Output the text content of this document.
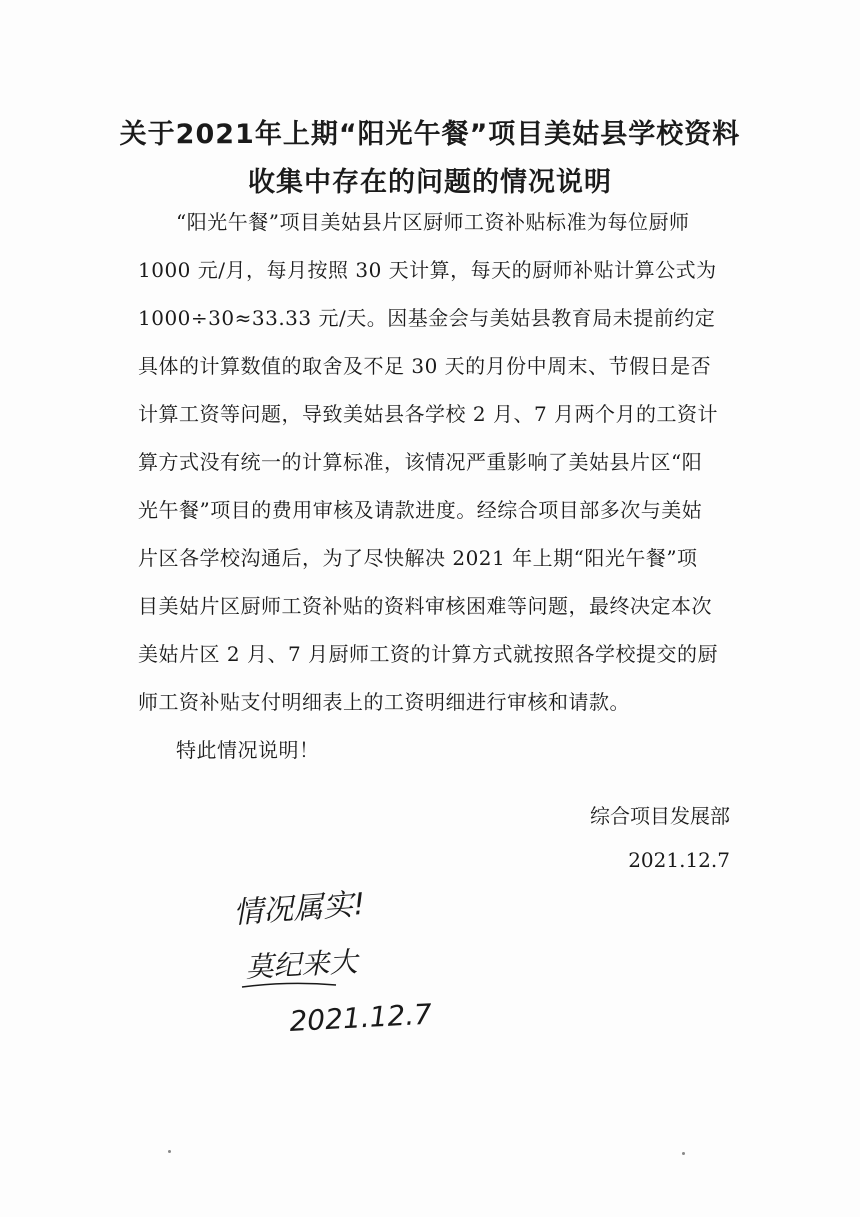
关于2021年上期“阳光午餐”项目美姑县学校资料
收集中存在的问题的情况说明

“阳光午餐”项目美姑县片区厨师工资补贴标准为每位厨师

1000 元/月，每月按照 30 天计算，每天的厨师补贴计算公式为

1000÷30≈33.33 元/天。因基金会与美姑县教育局未提前约定

具体的计算数值的取舍及不足 30 天的月份中周末、节假日是否

计算工资等问题，导致美姑县各学校 2 月、7 月两个月的工资计

算方式没有统一的计算标准，该情况严重影响了美姑县片区“阳

光午餐”项目的费用审核及请款进度。经综合项目部多次与美姑

片区各学校沟通后，为了尽快解决 2021 年上期“阳光午餐”项

目美姑片区厨师工资补贴的资料审核困难等问题，最终决定本次

美姑片区 2 月、7 月厨师工资的计算方式就按照各学校提交的厨

师工资补贴支付明细表上的工资明细进行审核和请款。

特此情况说明！

综合项目发展部

2021.12.7

情况属实!
莫纪来大
2021.12.7
